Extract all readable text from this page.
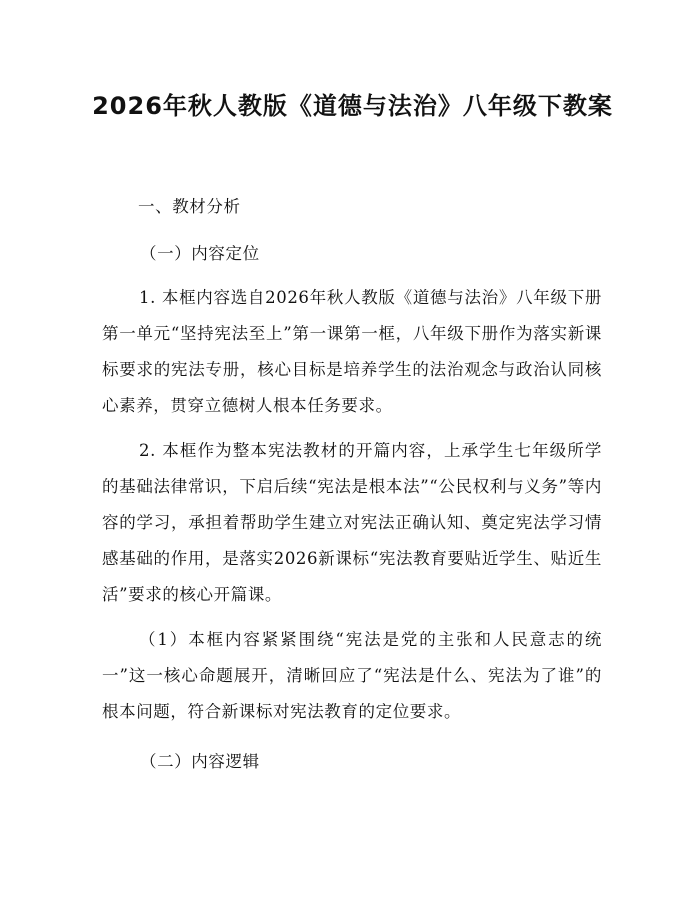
2026年秋人教版《道德与法治》八年级下教案
一、教材分析
（一）内容定位
1. 本框内容选自2026年秋人教版《道德与法治》八年级下册第一单元“坚持宪法至上”第一课第一框，八年级下册作为落实新课标要求的宪法专册，核心目标是培养学生的法治观念与政治认同核心素养，贯穿立德树人根本任务要求。
2. 本框作为整本宪法教材的开篇内容，上承学生七年级所学的基础法律常识，下启后续“宪法是根本法”“公民权利与义务”等内容的学习，承担着帮助学生建立对宪法正确认知、奠定宪法学习情感基础的作用，是落实2026新课标“宪法教育要贴近学生、贴近生活”要求的核心开篇课。
（1）本框内容紧紧围绕“宪法是党的主张和人民意志的统一”这一核心命题展开，清晰回应了“宪法是什么、宪法为了谁”的根本问题，符合新课标对宪法教育的定位要求。
（二）内容逻辑
